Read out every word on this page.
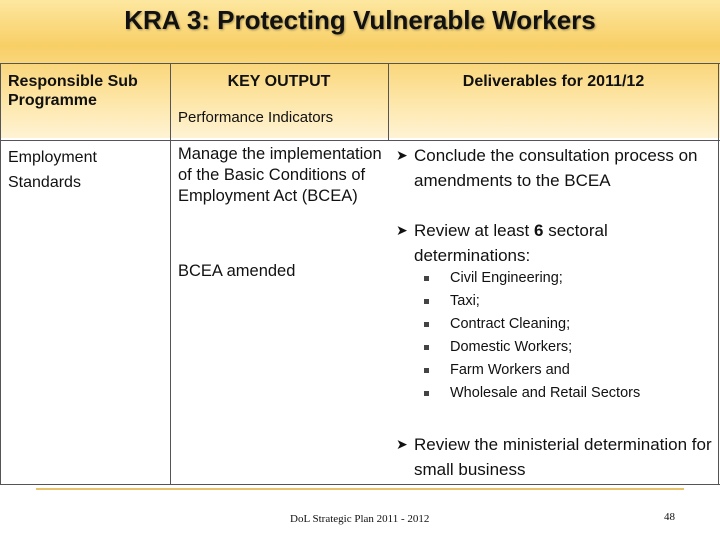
KRA 3: Protecting Vulnerable Workers
Responsible Sub Programme
KEY OUTPUT	Deliverables for 2011/12
Performance Indicators
Employment Standards
Manage the implementation of the Basic Conditions of Employment Act (BCEA)
BCEA amended
➤ Conclude the consultation process on amendments to the BCEA
➤ Review at least 6 sectoral determinations:
Civil Engineering;
Taxi;
Contract Cleaning;
Domestic Workers;
Farm Workers and
Wholesale and Retail Sectors
➤ Review the ministerial determination for small business
DoL Strategic Plan 2011 - 2012	48
